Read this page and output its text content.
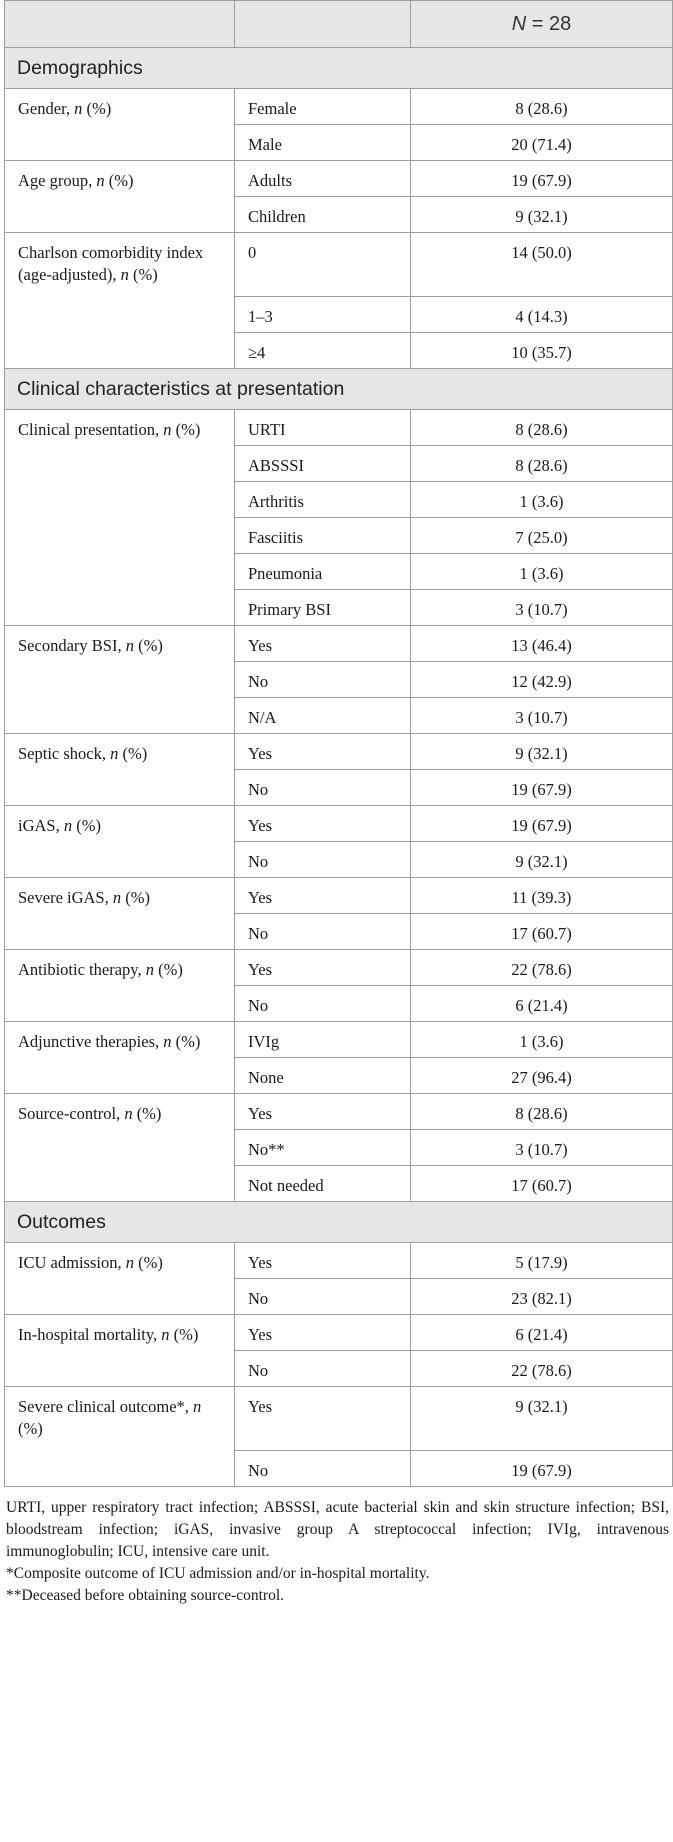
		N = 28

Demographics		

Gender, n (%)	Female	8 (28.6)

	Male	20 (71.4)

Age group, n (%)	Adults	19 (67.9)

	Children	9 (32.1)

Charlson comorbidity index (age-adjusted), n (%)	0	14 (50.0)

	1–3	4 (14.3)

	≥4	10 (35.7)

Clinical characteristics at presentation		

Clinical presentation, n (%)	URTI	8 (28.6)

	ABSSSI	8 (28.6)

	Arthritis	1 (3.6)

	Fasciitis	7 (25.0)

	Pneumonia	1 (3.6)

	Primary BSI	3 (10.7)

Secondary BSI, n (%)	Yes	13 (46.4)

	No	12 (42.9)

	N/A	3 (10.7)

Septic shock, n (%)	Yes	9 (32.1)

	No	19 (67.9)

iGAS, n (%)	Yes	19 (67.9)

	No	9 (32.1)

Severe iGAS, n (%)	Yes	11 (39.3)

	No	17 (60.7)

Antibiotic therapy, n (%)	Yes	22 (78.6)

	No	6 (21.4)

Adjunctive therapies, n (%)	IVIg	1 (3.6)

	None	27 (96.4)

Source-control, n (%)	Yes	8 (28.6)

	No**	3 (10.7)

	Not needed	17 (60.7)

Outcomes		

ICU admission, n (%)	Yes	5 (17.9)

	No	23 (82.1)

In-hospital mortality, n (%)	Yes	6 (21.4)

	No	22 (78.6)

Severe clinical outcome*, n (%)	Yes	9 (32.1)

	No	19 (67.9)

URTI, upper respiratory tract infection; ABSSSI, acute bacterial skin and skin structure infection; BSI, bloodstream infection; iGAS, invasive group A streptococcal infection; IVIg, intravenous immunoglobulin; ICU, intensive care unit.

*Composite outcome of ICU admission and/or in-hospital mortality.

**Deceased before obtaining source-control.
